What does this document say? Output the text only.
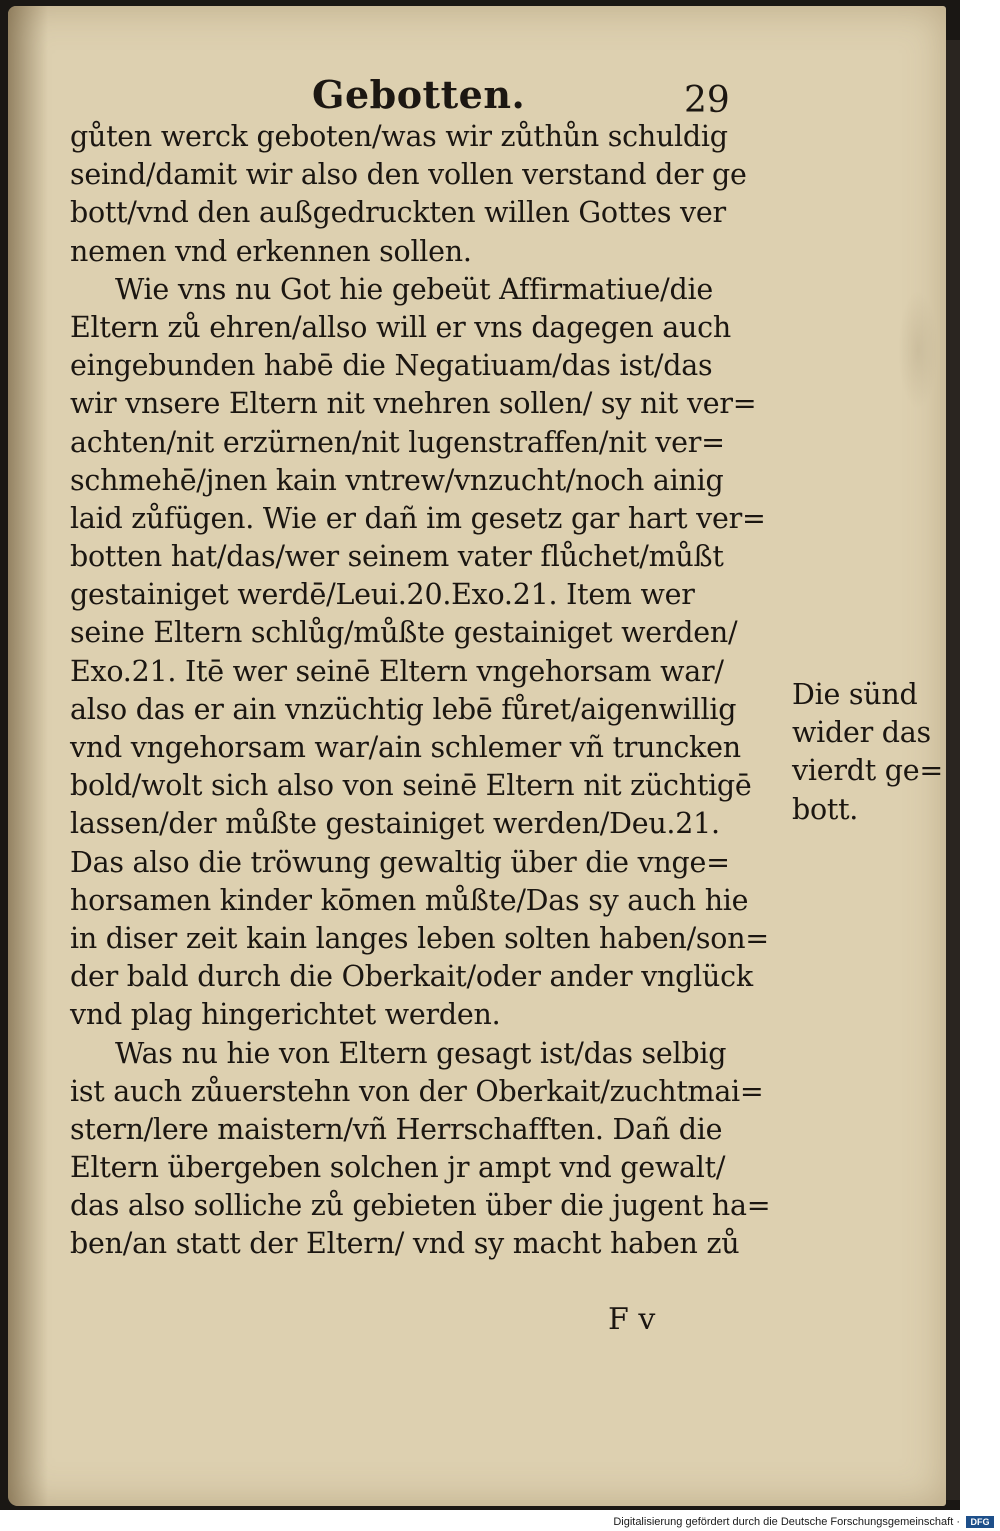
Gebotten.	29
gůten werck geboten/was wir zůthůn schuldig
seind/damit wir also den vollen verstand der ge
bott/vnd den außgedruckten willen Gottes ver
nemen vnd erkennen sollen.
Wie vns nu Got hie gebeüt Affirmatiue/die
Eltern zů ehren/allso will er vns dagegen auch
eingebunden habē die Negatiuam/das ist/das
wir vnsere Eltern nit vnehren sollen/ sy nit ver=
achten/nit erzürnen/nit lugenstraffen/nit ver=
schmehē/jnen kain vntrew/vnzucht/noch ainig
laid zůfügen. Wie er dañ im gesetz gar hart ver=
botten hat/das/wer seinem vater flůchet/můßt
gestainiget werdē/Leui.20.Exo.21. Item wer
seine Eltern schlůg/můßte gestainiget werden/
Exo.21. Itē wer seinē Eltern vngehorsam war/
also das er ain vnzüchtig lebē fůret/aigenwillig
vnd vngehorsam war/ain schlemer vñ truncken
bold/wolt sich also von seinē Eltern nit züchtigē
lassen/der můßte gestainiget werden/Deu.21.
Das also die tröwung gewaltig über die vnge=
horsamen kinder kōmen můßte/Das sy auch hie
in diser zeit kain langes leben solten haben/son=
der bald durch die Oberkait/oder ander vnglück
vnd plag hingerichtet werden.
Was nu hie von Eltern gesagt ist/das selbig
ist auch zůuerstehn von der Oberkait/zuchtmai=
stern/lere maistern/vñ Herrschafften. Dañ die
Eltern übergeben solchen jr ampt vnd gewalt/
das also solliche zů gebieten über die jugent ha=
ben/an statt der Eltern/ vnd sy macht haben zů
Die sünd
wider das
vierdt ge=
bott.
F v
Digitalisierung gefördert durch die Deutsche Forschungsgemeinschaft ·	DFG
